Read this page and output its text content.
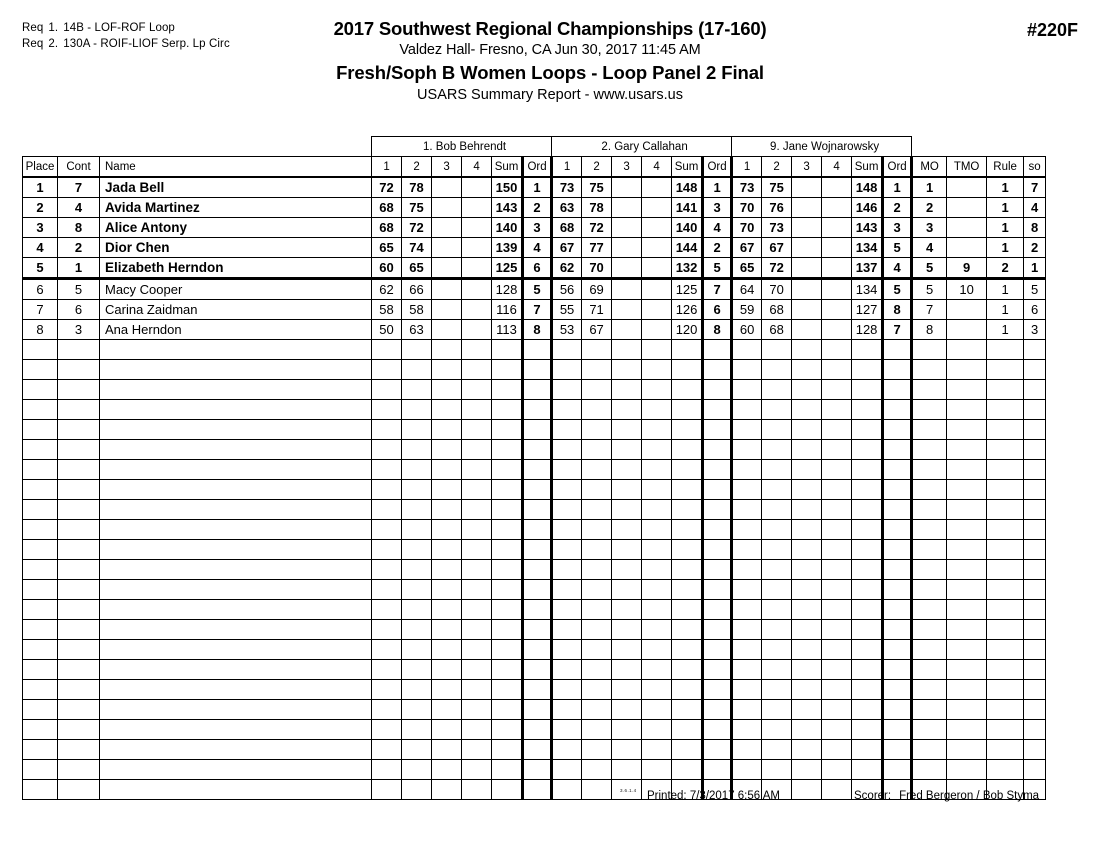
Req 1. 14B - LOF-ROF Loop
Req 2. 130A - ROIF-LIOF Serp. Lp Circ
2017 Southwest Regional Championships (17-160)
Valdez Hall- Fresno, CA Jun 30, 2017 11:45 AM
Fresh/Soph B Women Loops - Loop Panel 2 Final
USARS Summary Report - www.usars.us
#220F
			1. Bob Behrendt						2. Gary Callahan						9. Jane Wojnarowsky									
Place	Cont	Name	1	2	3	4	Sum	Ord	1	2	3	4	Sum	Ord	1	2	3	4	Sum	Ord	MO	TMO	Rule	so
1	7	Jada Bell	72	78			150	1	73	75			148	1	73	75			148	1	1		1	7
2	4	Avida Martinez	68	75			143	2	63	78			141	3	70	76			146	2	2		1	4
3	8	Alice Antony	68	72			140	3	68	72			140	4	70	73			143	3	3		1	8
4	2	Dior Chen	65	74			139	4	67	77			144	2	67	67			134	5	4		1	2
5	1	Elizabeth Herndon	60	65			125	6	62	70			132	5	65	72			137	4	5	9	2	1
6	5	Macy Cooper	62	66			128	5	56	69			125	7	64	70			134	5	5	10	1	5
7	6	Carina Zaidman	58	58			116	7	55	71			126	6	59	68			127	8	7		1	6
8	3	Ana Herndon	50	63			113	8	53	67			120	8	60	68			128	7	8		1	3

3.6.1.4 Printed: 7/3/2017 6:56 AM	Scorer: Fred Bergeron / Bob Styma
